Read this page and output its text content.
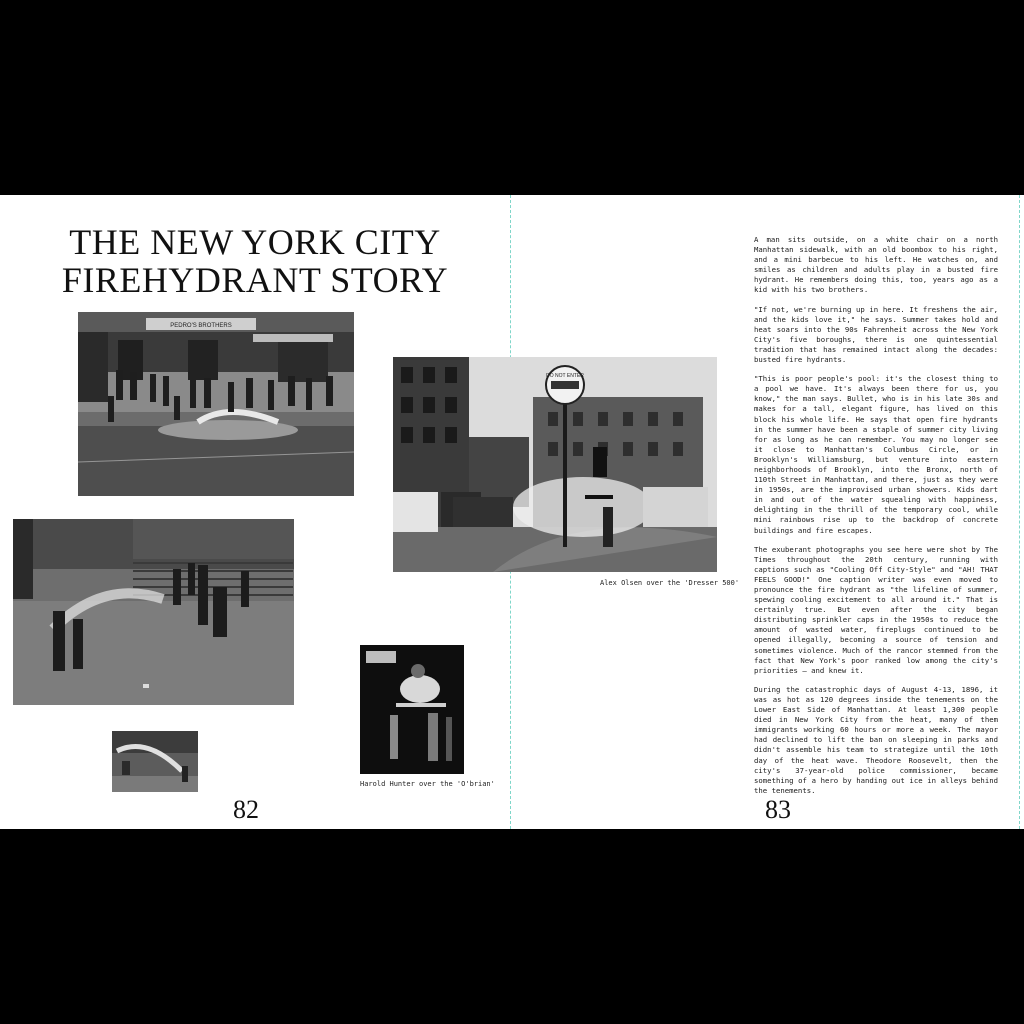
THE NEW YORK CITY
FIREHYDRANT STORY
PEDRO'S BROTHERS
DO NOT ENTER
Alex Olsen over the 'Dresser 500'
Harold Hunter over the 'O'brian'
82	83

A man sits outside, on a white chair on a north Manhattan sidewalk, with an old boombox to his right, and a mini barbecue to his left. He watches on, and smiles as children and adults play in a busted fire hydrant. He remembers doing this, too, years ago as a kid with his two brothers.

"If not, we're burning up in here. It freshens the air, and the kids love it," he says. Summer takes hold and heat soars into the 90s Fahrenheit across the New York City's five boroughs, there is one quintessential tradition that has remained intact along the decades: busted fire hydrants.

"This is poor people's pool: it's the closest thing to a pool we have. It's always been there for us, you know," the man says. Bullet, who is in his late 30s and makes for a tall, elegant figure, has lived on this block his whole life. He says that open fire hydrants in the summer have been a staple of summer city living for as long as he can remember. You may no longer see it close to Manhattan's Columbus Circle, or in Brooklyn's Williamsburg, but venture into eastern neighborhoods of Brooklyn, into the Bronx, north of 110th Street in Manhattan, and there, just as they were in 1950s, are the improvised urban showers. Kids dart in and out of the water squealing with happiness, delighting in the thrill of the temporary cool, while mini rainbows rise up to the backdrop of concrete buildings and fire escapes.

The exuberant photographs you see here were shot by The Times throughout the 20th century, running with captions such as "Cooling Off City-Style" and "AH! THAT FEELS GOOD!" One caption writer was even moved to pronounce the fire hydrant as "the lifeline of summer, spewing cooling excitement to all around it." That is certainly true. But even after the city began distributing sprinkler caps in the 1950s to reduce the amount of wasted water, fireplugs continued to be opened illegally, becoming a source of tension and sometimes violence. Much of the rancor stemmed from the fact that New York's poor ranked low among the city's priorities — and knew it.

During the catastrophic days of August 4-13, 1896, it was as hot as 120 degrees inside the tenements on the Lower East Side of Manhattan. At least 1,300 people died in New York City from the heat, many of them immigrants working 60 hours or more a week. The mayor had declined to lift the ban on sleeping in parks and didn't assemble his team to strategize until the 10th day of the heat wave. Theodore Roosevelt, then the city's 37-year-old police commissioner, became something of a hero by handing out ice in alleys behind the tenements.
